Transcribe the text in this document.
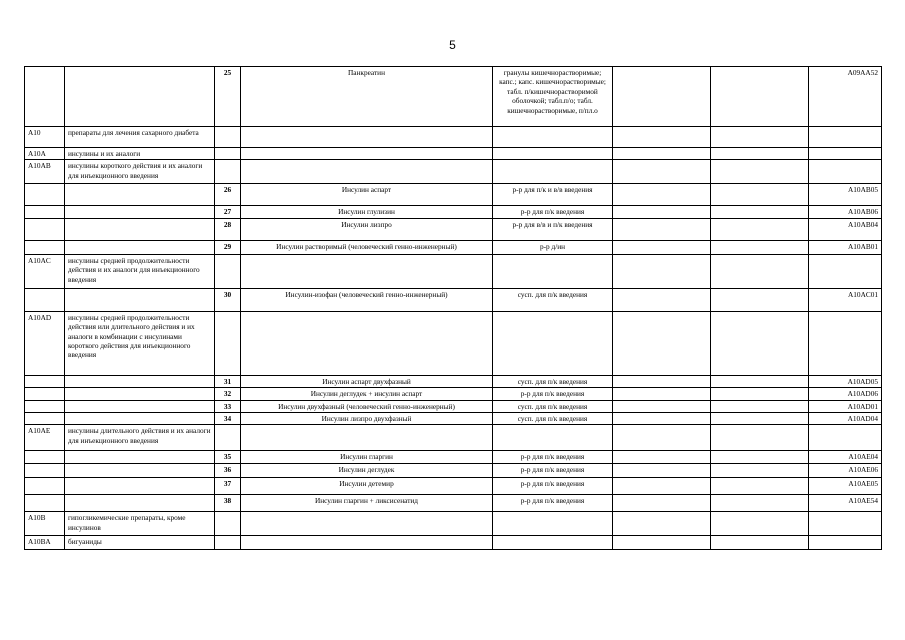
5
		25	Панкреатин	гранулы кишечнорастворимые; капс.; капс. кишечнорастворимые; табл. п/кишечнорастворимой оболочкой; табл.п/о; табл. кишечнорастворимые, п/пл.о			A09AA52
A10	препараты для лечения сахарного диабета						
A10A	инсулины и их аналоги						
A10AB	инсулины короткого действия и их аналоги для инъекционного введения						
		26	Инсулин аспарт	р-р для п/к и в/в введения			A10AB05
		27	Инсулин глулизин	р-р для п/к введения			A10AB06
		28	Инсулин лизпро	р-р для в/в и п/к введения			A10AB04
		29	Инсулин растворимый (человеческий генно-инженерный)	р-р д/ин			A10AB01
A10AC	инсулины средней продолжительности действия и их аналоги для инъекционного введения						
		30	Инсулин-изофан (человеческий генно-инженерный)	сусп. для п/к введения			A10AC01
A10AD	инсулины средней продолжительности действия или длительного действия и их аналоги в комбинации с инсулинами короткого действия для инъекционного введения						
		31	Инсулин аспарт двухфазный	сусп. для п/к введения			A10AD05
		32	Инсулин деглудек + инсулин аспарт	р-р для п/к введения			A10AD06
		33	Инсулин двухфазный (человеческий генно-инженерный)	сусп. для п/к введения			A10AD01
		34	Инсулин лизпро двухфазный	сусп. для п/к введения			A10AD04
A10AE	инсулины длительного действия и их аналоги для инъекционного введения						
		35	Инсулин гларгин	р-р для п/к введения			A10AE04
		36	Инсулин деглудек	р-р для п/к введения			A10AE06
		37	Инсулин детемир	р-р для п/к введения			A10AE05
		38	Инсулин гларгин + ликсисенатид	р-р для п/к введения			A10AE54
A10B	гипогликемические препараты, кроме инсулинов						
A10BA	бигуаниды						
